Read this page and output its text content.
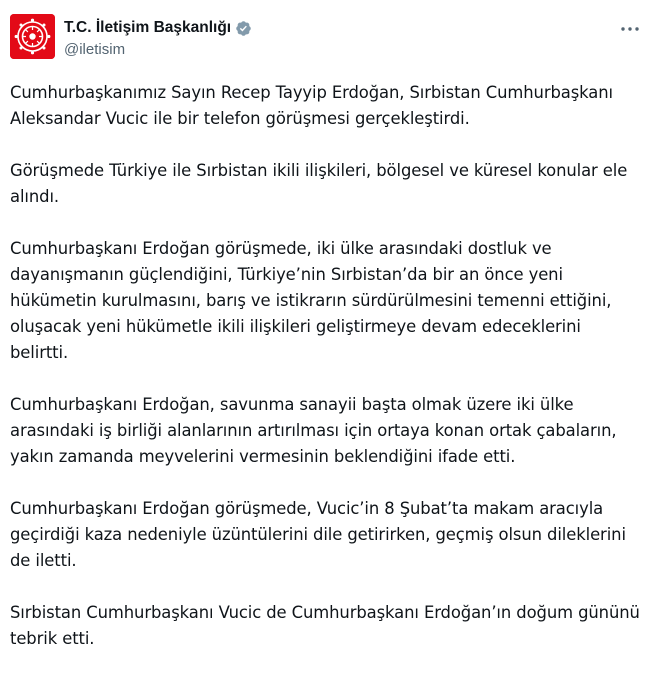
T.C. İletişim Başkanlığı
@iletisim

Cumhurbaşkanımız Sayın Recep Tayyip Erdoğan, Sırbistan Cumhurbaşkanı Aleksandar Vucic ile bir telefon görüşmesi gerçekleştirdi.

Görüşmede Türkiye ile Sırbistan ikili ilişkileri, bölgesel ve küresel konular ele alındı.

Cumhurbaşkanı Erdoğan görüşmede, iki ülke arasındaki dostluk ve dayanışmanın güçlendiğini, Türkiye’nin Sırbistan’da bir an önce yeni hükümetin kurulmasını, barış ve istikrarın sürdürülmesini temenni ettiğini, oluşacak yeni hükümetle ikili ilişkileri geliştirmeye devam edeceklerini belirtti.

Cumhurbaşkanı Erdoğan, savunma sanayii başta olmak üzere iki ülke arasındaki iş birliği alanlarının artırılması için ortaya konan ortak çabaların, yakın zamanda meyvelerini vermesinin beklendiğini ifade etti.

Cumhurbaşkanı Erdoğan görüşmede, Vucic’in 8 Şubat’ta makam aracıyla geçirdiği kaza nedeniyle üzüntülerini dile getirirken, geçmiş olsun dileklerini de iletti.

Sırbistan Cumhurbaşkanı Vucic de Cumhurbaşkanı Erdoğan’ın doğum gününü tebrik etti.
